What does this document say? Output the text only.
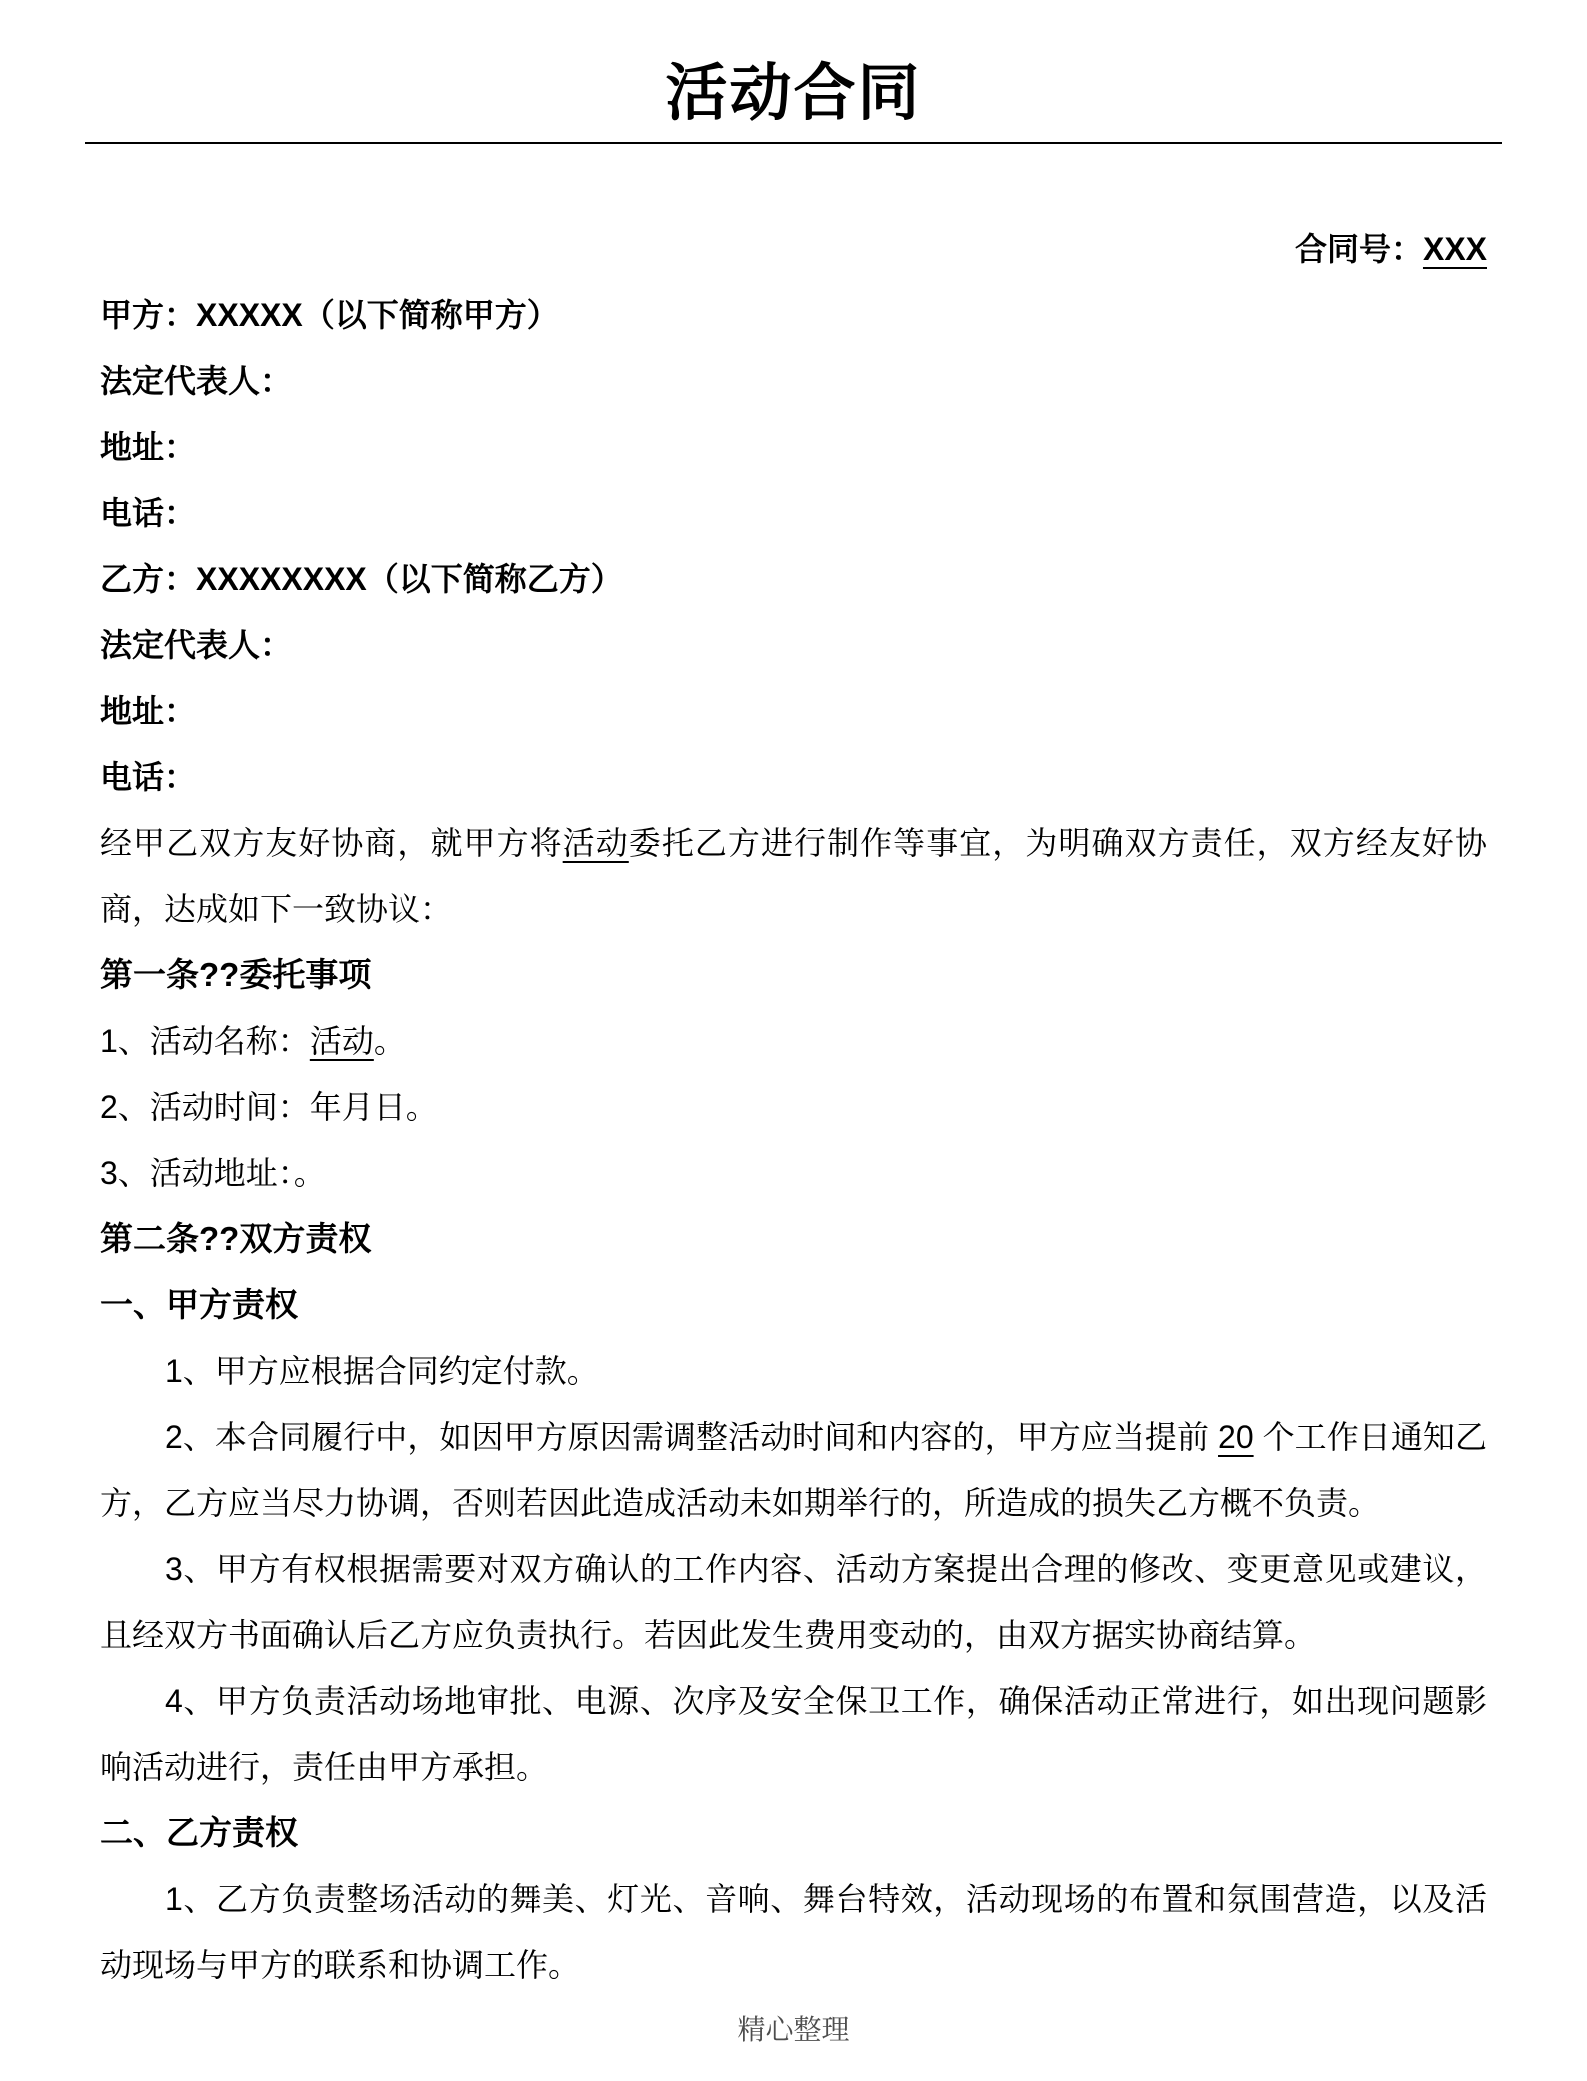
活动合同

合同号：XXX

甲方：XXXXX（以下简称甲方）

法定代表人：

地址：

电话：

乙方：XXXXXXXX（以下简称乙方）

法定代表人：

地址：

电话：

经甲乙双方友好协商，就甲方将活动委托乙方进行制作等事宜，为明确双方责任，双方经友好协商，达成如下一致协议：

第一条??委托事项

1、活动名称：活动。

2、活动时间：年月日。

3、活动地址：。

第二条??双方责权

一、甲方责权

1、甲方应根据合同约定付款。

2、本合同履行中，如因甲方原因需调整活动时间和内容的，甲方应当提前 20 个工作日通知乙方，乙方应当尽力协调，否则若因此造成活动未如期举行的，所造成的损失乙方概不负责。

3、甲方有权根据需要对双方确认的工作内容、活动方案提出合理的修改、变更意见或建议，且经双方书面确认后乙方应负责执行。若因此发生费用变动的，由双方据实协商结算。

4、甲方负责活动场地审批、电源、次序及安全保卫工作，确保活动正常进行，如出现问题影响活动进行，责任由甲方承担。

二、乙方责权

1、乙方负责整场活动的舞美、灯光、音响、舞台特效，活动现场的布置和氛围营造，以及活动现场与甲方的联系和协调工作。

精心整理
